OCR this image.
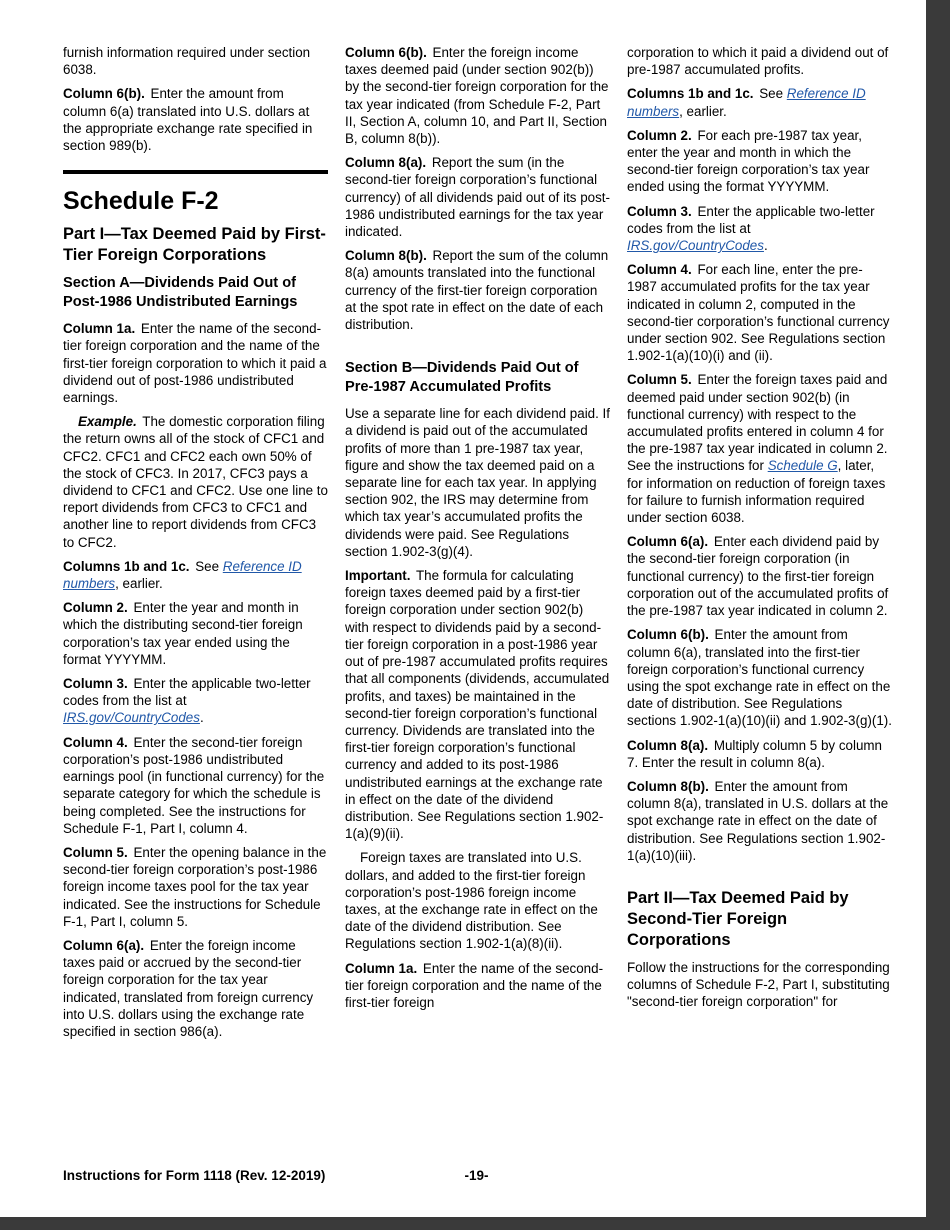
furnish information required under section 6038.

Column 6(b). Enter the amount from column 6(a) translated into U.S. dollars at the appropriate exchange rate specified in section 989(b).

Schedule F-2
Part I—Tax Deemed Paid by First-Tier Foreign Corporations
Section A—Dividends Paid Out of Post-1986 Undistributed Earnings

Column 1a. Enter the name of the second-tier foreign corporation and the name of the first-tier foreign corporation to which it paid a dividend out of post-1986 undistributed earnings.

Example. The domestic corporation filing the return owns all of the stock of CFC1 and CFC2. CFC1 and CFC2 each own 50% of the stock of CFC3. In 2017, CFC3 pays a dividend to CFC1 and CFC2. Use one line to report dividends from CFC3 to CFC1 and another line to report dividends from CFC3 to CFC2.

Columns 1b and 1c. See Reference ID numbers, earlier.

Column 2. Enter the year and month in which the distributing second-tier foreign corporation’s tax year ended using the format YYYYMM.

Column 3. Enter the applicable two-letter codes from the list at IRS.gov/CountryCodes.

Column 4. Enter the second-tier foreign corporation’s post-1986 undistributed earnings pool (in functional currency) for the separate category for which the schedule is being completed. See the instructions for Schedule F-1, Part I, column 4.

Column 5. Enter the opening balance in the second-tier foreign corporation’s post-1986 foreign income taxes pool for the tax year indicated. See the instructions for Schedule F-1, Part I, column 5.

Column 6(a). Enter the foreign income taxes paid or accrued by the second-tier foreign corporation for the tax year indicated, translated from foreign currency into U.S. dollars using the exchange rate specified in section 986(a).

Column 6(b). Enter the foreign income taxes deemed paid (under section 902(b)) by the second-tier foreign corporation for the tax year indicated (from Schedule F-2, Part II, Section A, column 10, and Part II, Section B, column 8(b)).

Column 8(a). Report the sum (in the second-tier foreign corporation’s functional currency) of all dividends paid out of its post-1986 undistributed earnings for the tax year indicated.

Column 8(b). Report the sum of the column 8(a) amounts translated into the functional currency of the first-tier foreign corporation at the spot rate in effect on the date of each distribution.

Section B—Dividends Paid Out of Pre-1987 Accumulated Profits

Use a separate line for each dividend paid. If a dividend is paid out of the accumulated profits of more than 1 pre-1987 tax year, figure and show the tax deemed paid on a separate line for each tax year. In applying section 902, the IRS may determine from which tax year’s accumulated profits the dividends were paid. See Regulations section 1.902-3(g)(4).

Important. The formula for calculating foreign taxes deemed paid by a first-tier foreign corporation under section 902(b) with respect to dividends paid by a second-tier foreign corporation in a post-1986 year out of pre-1987 accumulated profits requires that all components (dividends, accumulated profits, and taxes) be maintained in the second-tier foreign corporation’s functional currency. Dividends are translated into the first-tier foreign corporation’s functional currency and added to its post-1986 undistributed earnings at the exchange rate in effect on the date of the dividend distribution. See Regulations section 1.902-1(a)(9)(ii).

Foreign taxes are translated into U.S. dollars, and added to the first-tier foreign corporation’s post-1986 foreign income taxes, at the exchange rate in effect on the date of the dividend distribution. See Regulations section 1.902-1(a)(8)(ii).

Column 1a. Enter the name of the second-tier foreign corporation and the name of the first-tier foreign

corporation to which it paid a dividend out of pre-1987 accumulated profits.

Columns 1b and 1c. See Reference ID numbers, earlier.

Column 2. For each pre-1987 tax year, enter the year and month in which the second-tier foreign corporation’s tax year ended using the format YYYYMM.

Column 3. Enter the applicable two-letter codes from the list at IRS.gov/CountryCodes.

Column 4. For each line, enter the pre-1987 accumulated profits for the tax year indicated in column 2, computed in the second-tier corporation’s functional currency under section 902. See Regulations section 1.902-1(a)(10)(i) and (ii).

Column 5. Enter the foreign taxes paid and deemed paid under section 902(b) (in functional currency) with respect to the accumulated profits entered in column 4 for the pre-1987 tax year indicated in column 2. See the instructions for Schedule G, later, for information on reduction of foreign taxes for failure to furnish information required under section 6038.

Column 6(a). Enter each dividend paid by the second-tier foreign corporation (in functional currency) to the first-tier foreign corporation out of the accumulated profits of the pre-1987 tax year indicated in column 2.

Column 6(b). Enter the amount from column 6(a), translated into the first-tier foreign corporation’s functional currency using the spot exchange rate in effect on the date of distribution. See Regulations sections 1.902-1(a)(10)(ii) and 1.902-3(g)(1).

Column 8(a). Multiply column 5 by column 7. Enter the result in column 8(a).

Column 8(b). Enter the amount from column 8(a), translated in U.S. dollars at the spot exchange rate in effect on the date of distribution. See Regulations section 1.902-1(a)(10)(iii).

Part II—Tax Deemed Paid by Second-Tier Foreign Corporations

Follow the instructions for the corresponding columns of Schedule F-2, Part I, substituting "second-tier foreign corporation" for

Instructions for Form 1118 (Rev. 12-2019)	-19-
